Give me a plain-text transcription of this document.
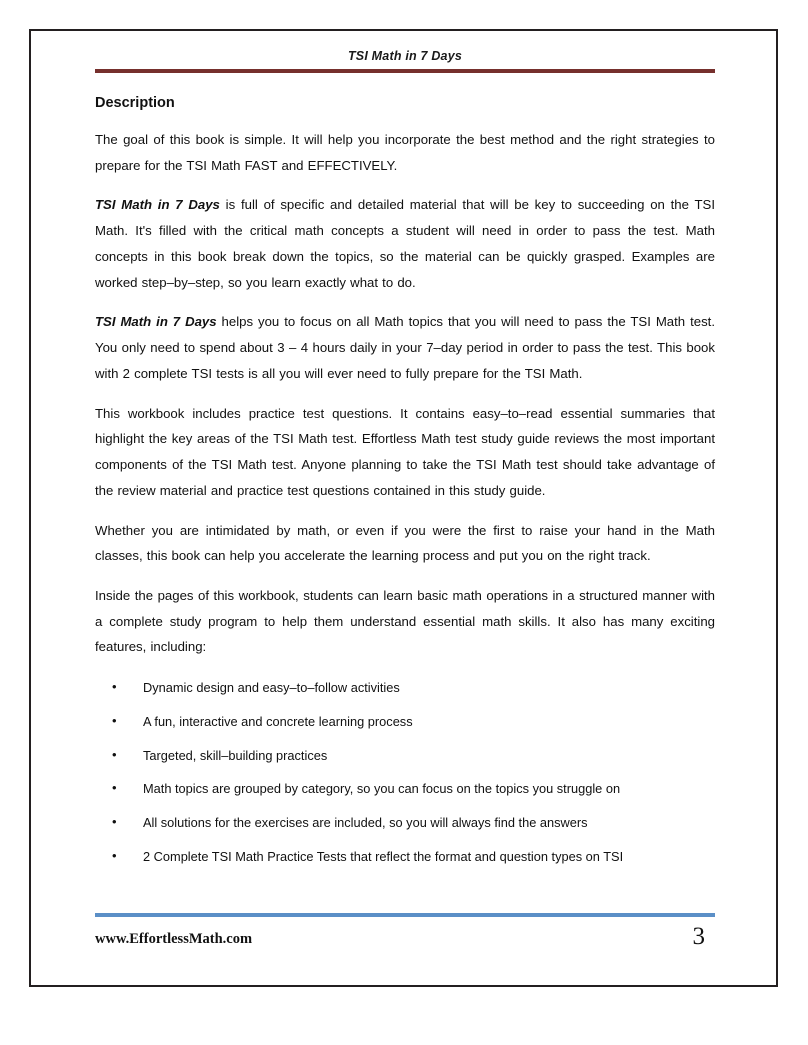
TSI Math in 7 Days
Description

The goal of this book is simple. It will help you incorporate the best method and the right strategies to prepare for the TSI Math FAST and EFFECTIVELY.

TSI Math in 7 Days is full of specific and detailed material that will be key to succeeding on the TSI Math. It's filled with the critical math concepts a student will need in order to pass the test. Math concepts in this book break down the topics, so the material can be quickly grasped. Examples are worked step–by–step, so you learn exactly what to do.

TSI Math in 7 Days helps you to focus on all Math topics that you will need to pass the TSI Math test. You only need to spend about 3 – 4 hours daily in your 7–day period in order to pass the test. This book with 2 complete TSI tests is all you will ever need to fully prepare for the TSI Math.

This workbook includes practice test questions. It contains easy–to–read essential summaries that highlight the key areas of the TSI Math test. Effortless Math test study guide reviews the most important components of the TSI Math test. Anyone planning to take the TSI Math test should take advantage of the review material and practice test questions contained in this study guide.

Whether you are intimidated by math, or even if you were the first to raise your hand in the Math classes, this book can help you accelerate the learning process and put you on the right track.

Inside the pages of this workbook, students can learn basic math operations in a structured manner with a complete study program to help them understand essential math skills. It also has many exciting features, including:

• Dynamic design and easy–to–follow activities
• A fun, interactive and concrete learning process
• Targeted, skill–building practices
• Math topics are grouped by category, so you can focus on the topics you struggle on
• All solutions for the exercises are included, so you will always find the answers
• 2 Complete TSI Math Practice Tests that reflect the format and question types on TSI
www.EffortlessMath.com	3
